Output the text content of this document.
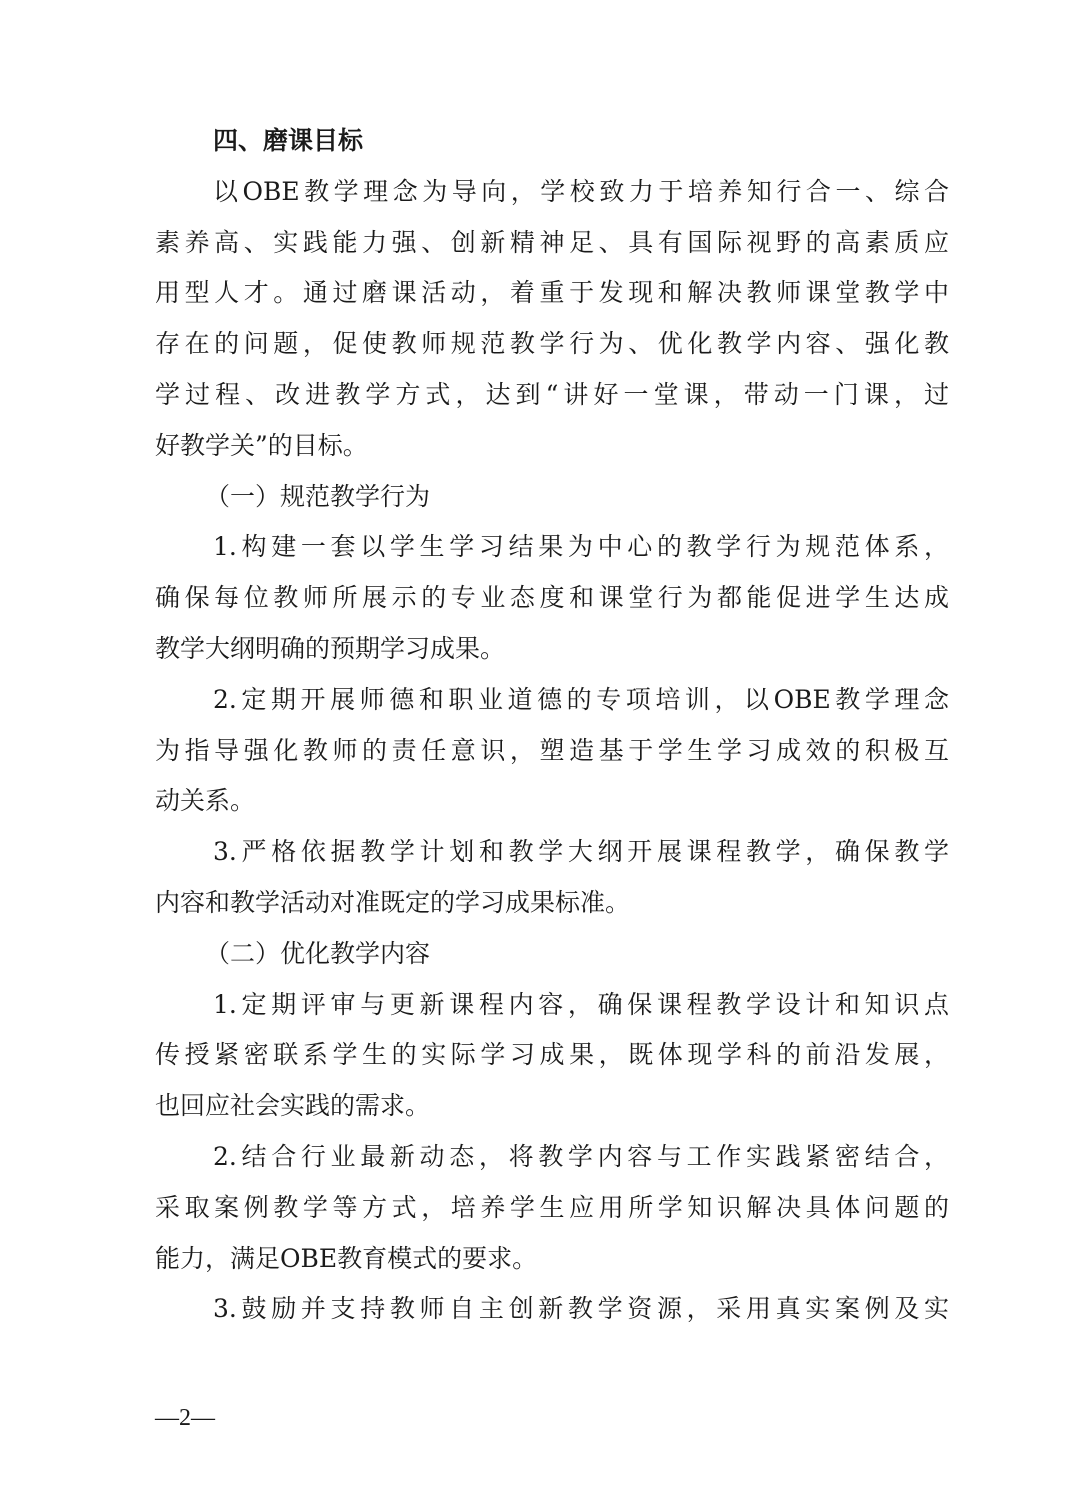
四、磨课目标
以OBE教学理念为导向，学校致力于培养知行合一、综合
素养高、实践能力强、创新精神足、具有国际视野的高素质应
用型人才。通过磨课活动，着重于发现和解决教师课堂教学中
存在的问题，促使教师规范教学行为、优化教学内容、强化教
学过程、改进教学方式，达到“讲好一堂课，带动一门课，过
好教学关”的目标。
（一）规范教学行为
1.构建一套以学生学习结果为中心的教学行为规范体系，
确保每位教师所展示的专业态度和课堂行为都能促进学生达成
教学大纲明确的预期学习成果。
2.定期开展师德和职业道德的专项培训，以OBE教学理念
为指导强化教师的责任意识，塑造基于学生学习成效的积极互
动关系。
3.严格依据教学计划和教学大纲开展课程教学，确保教学
内容和教学活动对准既定的学习成果标准。
（二）优化教学内容
1.定期评审与更新课程内容，确保课程教学设计和知识点
传授紧密联系学生的实际学习成果，既体现学科的前沿发展，
也回应社会实践的需求。
2.结合行业最新动态，将教学内容与工作实践紧密结合，
采取案例教学等方式，培养学生应用所学知识解决具体问题的
能力，满足OBE教育模式的要求。
3.鼓励并支持教师自主创新教学资源，采用真实案例及实
—2—
